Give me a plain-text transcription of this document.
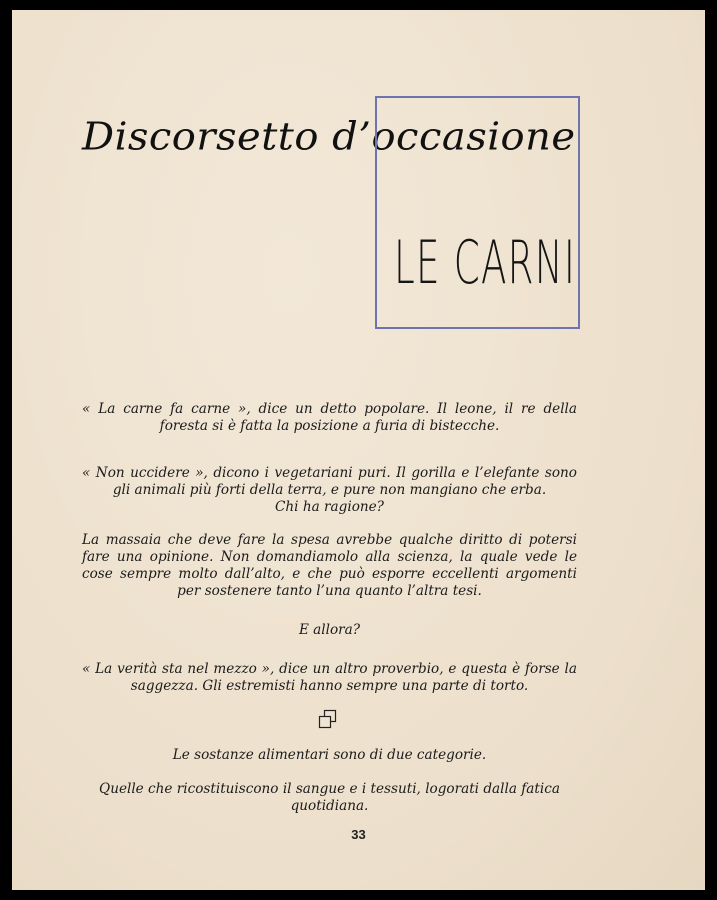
Discorsetto d’occasione
LE CARNI
« La carne fa carne », dice un detto popolare. Il leone, il re della foresta si è fatta la posizione a furia di bistecche.
« Non uccidere », dicono i vegetariani puri. Il gorilla e l’elefante sono gli animali più forti della terra, e pure non mangiano che erba.
Chi ha ragione?
La massaia che deve fare la spesa avrebbe qualche diritto di potersi fare una opinione. Non domandiamolo alla scienza, la quale vede le cose sempre molto dall’alto, e che può esporre eccellenti argomenti per sostenere tanto l’una quanto l’altra tesi.
E allora?
« La verità sta nel mezzo », dice un altro proverbio, e questa è forse la saggezza. Gli estremisti hanno sempre una parte di torto.
Le sostanze alimentari sono di due categorie.
Quelle che ricostituiscono il sangue e i tessuti, logorati dalla fatica quotidiana.
33
